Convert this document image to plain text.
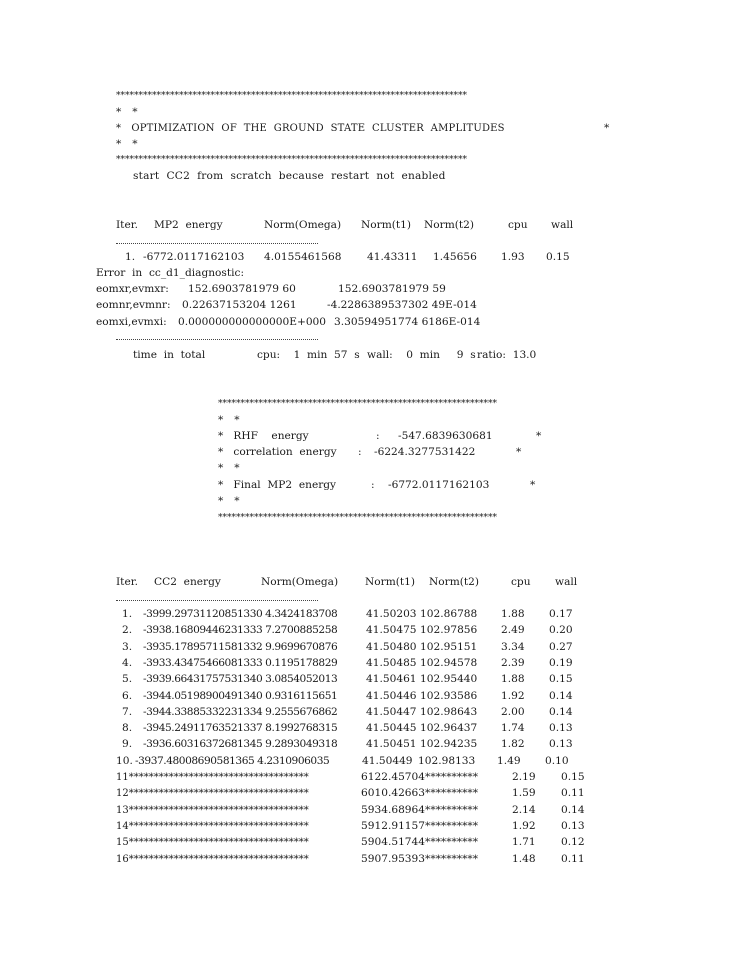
******************************************************************************
*   *
*   OPTIMIZATION  OF  THE  GROUND  STATE  CLUSTER  AMPLITUDES	*
*   *
******************************************************************************
start  CC2  from  scratch  because  restart  not  enabled
Iter. MP2  energy	Norm(Omega) Norm(t1) Norm(t2)	cpu wall
1. -6772.0117162103 4.0155461568 41.43311 1.45656 1.93 0.15
Error  in  cc_d1_diagnostic:
eomxr,evmxr: 152.6903781979 60	152.6903781979 59
eomnr,evmnr: 0.22637153204 1261	-4.2286389537302 49E-014
eomxi,evmxi: 0.000000000000000E+000 3.30594951774 6186E-014
time  in  total	cpu:    1  min  57  s wall:    0  min     9  s ratio:  13.0
**************************************************************
*   *
*   RHF    energy	: -547.6839630681	*
*   correlation  energy : -6224.3277531422	*
*   *
*   Final  MP2  energy	: -6772.0117162103	*
*   *
**************************************************************
Iter. CC2  energy	Norm(Omega)	Norm(t1) Norm(t2)	cpu wall
1. -3999.29731120851330 4.3424183708	41.50203 102.86788 1.88 0.17
2. -3938.16809446231333 7.2700885258	41.50475 102.97856 2.49 0.20
3. -3935.17895711581332 9.9699670876	41.50480 102.95151 3.34 0.27
4. -3933.43475466081333 0.1195178829	41.50485 102.94578 2.39 0.19
5. -3939.66431757531340 3.0854052013	41.50461 102.95440 1.88 0.15
6. -3944.05198900491340 0.9316115651	41.50446 102.93586 1.92 0.14
7. -3944.33885332231334 9.2555676862	41.50447 102.98643 2.00 0.14
8. -3945.24911763521337 8.1992768315	41.50445 102.96437 1.74 0.13
9. -3936.60316372681345 9.2893049318	41.50451 102.94235 1.82 0.13
10. -3937.48008690581365 4.2310906035	41.50449 102.98133 1.49 0.10
11************************************	6122.45704**********	2.19 0.15
12************************************	6010.42663**********	1.59 0.11
13************************************	5934.68964**********	2.14 0.14
14************************************	5912.91157**********	1.92 0.13
15************************************	5904.51744**********	1.71 0.12
16************************************	5907.95393**********	1.48 0.11
